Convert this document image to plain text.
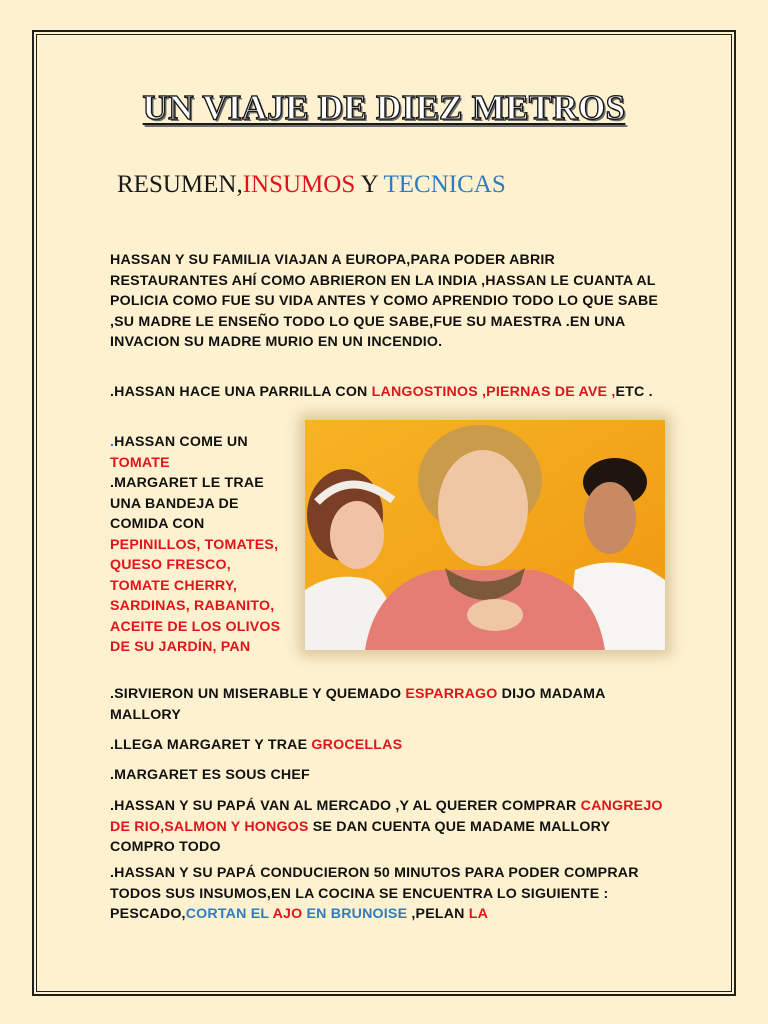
UN VIAJE DE DIEZ METROS

RESUMEN,INSUMOS Y TECNICAS

HASSAN Y SU FAMILIA VIAJAN A EUROPA,PARA PODER ABRIR RESTAURANTES AHÍ COMO ABRIERON EN LA INDIA ,HASSAN LE CUANTA AL POLICIA COMO FUE SU VIDA ANTES Y COMO APRENDIO TODO LO QUE SABE ,SU MADRE LE ENSEÑO TODO LO QUE SABE,FUE SU MAESTRA .EN UNA INVACION SU MADRE MURIO EN UN INCENDIO.

.HASSAN HACE UNA PARRILLA CON LANGOSTINOS ,PIERNAS DE AVE ,ETC .

.HASSAN COME UN TOMATE
.MARGARET LE TRAE UNA BANDEJA DE COMIDA CON PEPINILLOS, TOMATES, QUESO FRESCO, TOMATE CHERRY, SARDINAS, RABANITO, ACEITE DE LOS OLIVOS DE SU JARDÍN, PAN

.SIRVIERON UN MISERABLE Y QUEMADO ESPARRAGO DIJO MADAMA MALLORY

.LLEGA MARGARET Y TRAE GROCELLAS

.MARGARET ES SOUS CHEF

.HASSAN Y SU PAPÁ VAN AL MERCADO ,Y AL QUERER COMPRAR CANGREJO DE RIO,SALMON Y HONGOS SE DAN CUENTA QUE MADAME MALLORY COMPRO TODO

.HASSAN Y SU PAPÁ CONDUCIERON 50 MINUTOS PARA PODER COMPRAR TODOS SUS INSUMOS,EN LA COCINA SE ENCUENTRA LO SIGUIENTE : PESCADO,CORTAN EL AJO EN BRUNOISE ,PELAN LA
